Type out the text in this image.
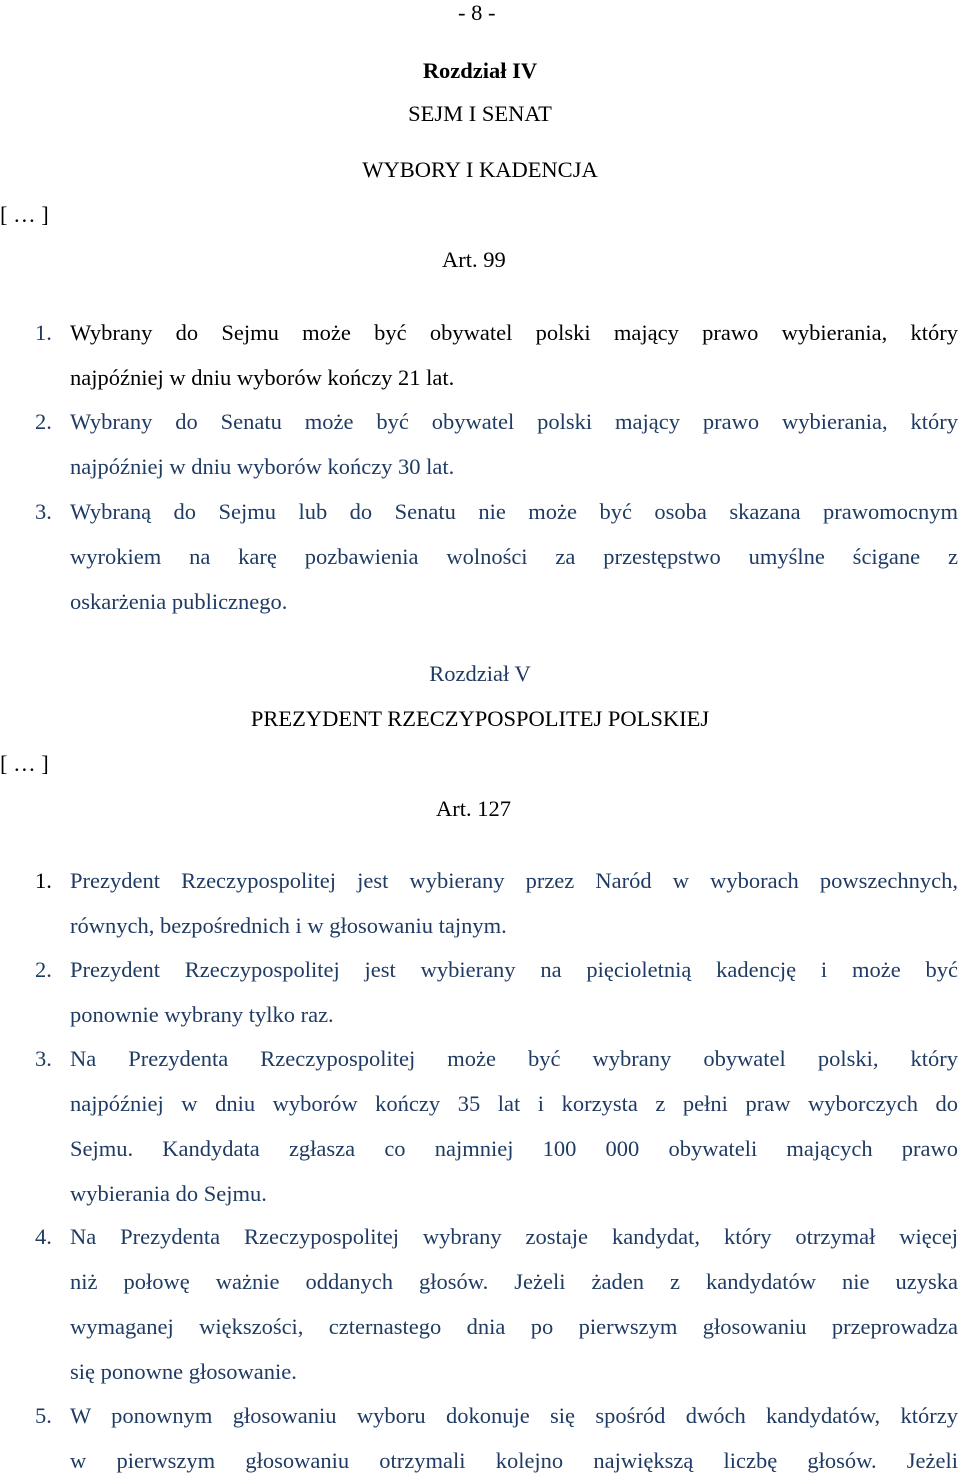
- 8 -
Rozdział IV
SEJM I SENAT
WYBORY I KADENCJA
[ … ]
Art. 99
1. Wybrany do Sejmu może być obywatel polski mający prawo wybierania, który
najpóźniej w dniu wyborów kończy 21 lat.
2. Wybrany do Senatu może być obywatel polski mający prawo wybierania, który
najpóźniej w dniu wyborów kończy 30 lat.
3. Wybraną do Sejmu lub do Senatu nie może być osoba skazana prawomocnym
wyrokiem na karę pozbawienia wolności za przestępstwo umyślne ścigane z
oskarżenia publicznego.
Rozdział V
PREZYDENT RZECZYPOSPOLITEJ POLSKIEJ
[ … ]
Art. 127
1. Prezydent Rzeczypospolitej jest wybierany przez Naród w wyborach powszechnych,
równych, bezpośrednich i w głosowaniu tajnym.
2. Prezydent Rzeczypospolitej jest wybierany na pięcioletnią kadencję i może być
ponownie wybrany tylko raz.
3. Na Prezydenta Rzeczypospolitej może być wybrany obywatel polski, który
najpóźniej w dniu wyborów kończy 35 lat i korzysta z pełni praw wyborczych do
Sejmu. Kandydata zgłasza co najmniej 100 000 obywateli mających prawo
wybierania do Sejmu.
4. Na Prezydenta Rzeczypospolitej wybrany zostaje kandydat, który otrzymał więcej
niż połowę ważnie oddanych głosów. Jeżeli żaden z kandydatów nie uzyska
wymaganej większości, czternastego dnia po pierwszym głosowaniu przeprowadza
się ponowne głosowanie.
5. W ponownym głosowaniu wyboru dokonuje się spośród dwóch kandydatów, którzy
w pierwszym głosowaniu otrzymali kolejno największą liczbę głosów. Jeżeli
